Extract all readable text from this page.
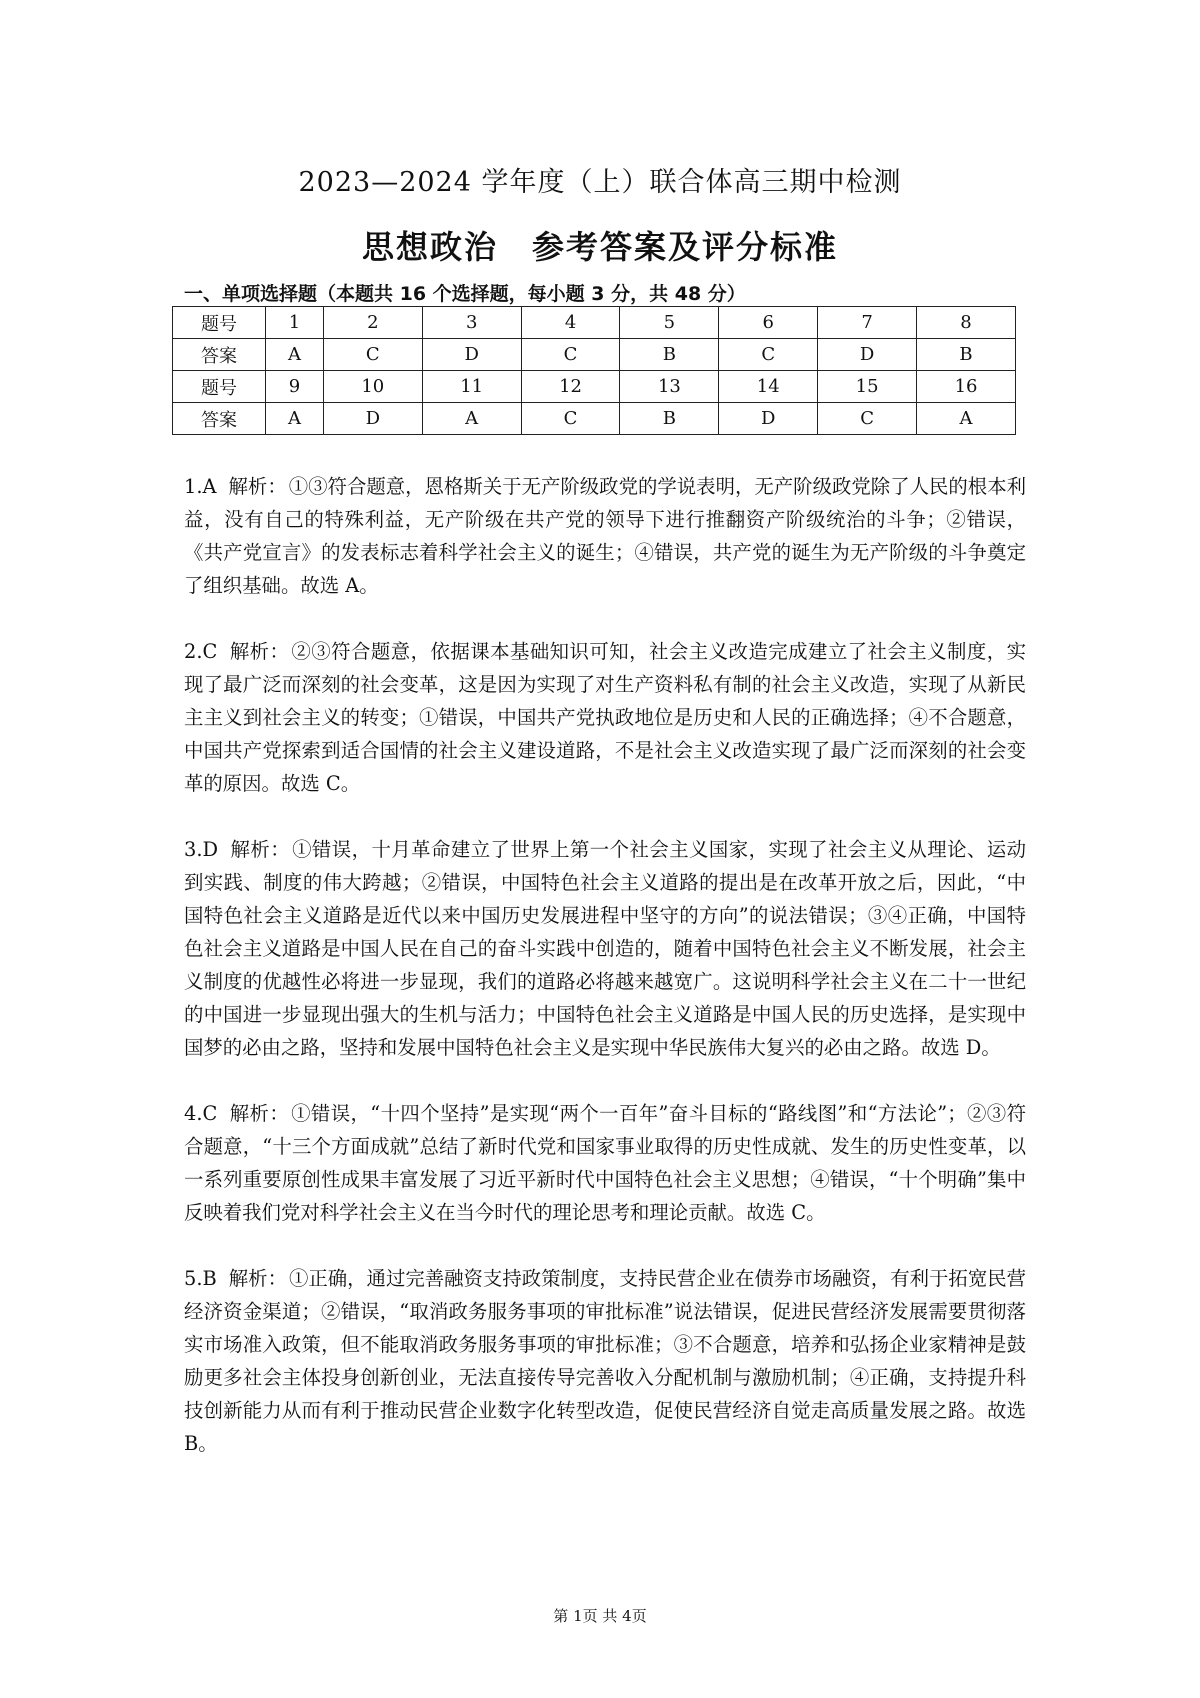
2023—2024 学年度（上）联合体高三期中检测
思想政治　参考答案及评分标准
一、单项选择题（本题共 16 个选择题，每小题 3 分，共 48 分）
题号	1	2	3	4	5	6	7	8
答案	A	C	D	C	B	C	D	B
题号	9	10	11	12	13	14	15	16
答案	A	D	A	C	B	D	C	A
1.A 解析： ①③符合题意，恩格斯关于无产阶级政党的学说表明，无产阶级政党除了人民的根本利益，没有自己的特殊利益，无产阶级在共产党的领导下进行推翻资产阶级统治的斗争；②错误，《共产党宣言》的发表标志着科学社会主义的诞生；④错误，共产党的诞生为无产阶级的斗争奠定了组织基础。故选 A。
2.C 解析： ②③符合题意，依据课本基础知识可知，社会主义改造完成建立了社会主义制度，实现了最广泛而深刻的社会变革，这是因为实现了对生产资料私有制的社会主义改造，实现了从新民主主义到社会主义的转变；①错误，中国共产党执政地位是历史和人民的正确选择；④不合题意，中国共产党探索到适合国情的社会主义建设道路，不是社会主义改造实现了最广泛而深刻的社会变革的原因。故选 C。
3.D 解析： ①错误，十月革命建立了世界上第一个社会主义国家，实现了社会主义从理论、运动到实践、制度的伟大跨越；②错误，中国特色社会主义道路的提出是在改革开放之后，因此，“中国特色社会主义道路是近代以来中国历史发展进程中坚守的方向”的说法错误；③④正确，中国特色社会主义道路是中国人民在自己的奋斗实践中创造的，随着中国特色社会主义不断发展，社会主义制度的优越性必将进一步显现，我们的道路必将越来越宽广。这说明科学社会主义在二十一世纪的中国进一步显现出强大的生机与活力；中国特色社会主义道路是中国人民的历史选择，是实现中国梦的必由之路，坚持和发展中国特色社会主义是实现中华民族伟大复兴的必由之路。故选 D。
4.C 解析： ①错误，“十四个坚持”是实现“两个一百年”奋斗目标的“路线图”和“方法论”；②③符合题意，“十三个方面成就”总结了新时代党和国家事业取得的历史性成就、发生的历史性变革，以一系列重要原创性成果丰富发展了习近平新时代中国特色社会主义思想；④错误，“十个明确”集中反映着我们党对科学社会主义在当今时代的理论思考和理论贡献。故选 C。
5.B 解析： ①正确，通过完善融资支持政策制度，支持民营企业在债券市场融资，有利于拓宽民营经济资金渠道；②错误，“取消政务服务事项的审批标准”说法错误，促进民营经济发展需要贯彻落实市场准入政策，但不能取消政务服务事项的审批标准；③不合题意，培养和弘扬企业家精神是鼓励更多社会主体投身创新创业，无法直接传导完善收入分配机制与激励机制；④正确，支持提升科技创新能力从而有利于推动民营企业数字化转型改造，促使民营经济自觉走高质量发展之路。故选 B。
第 1页 共 4页
